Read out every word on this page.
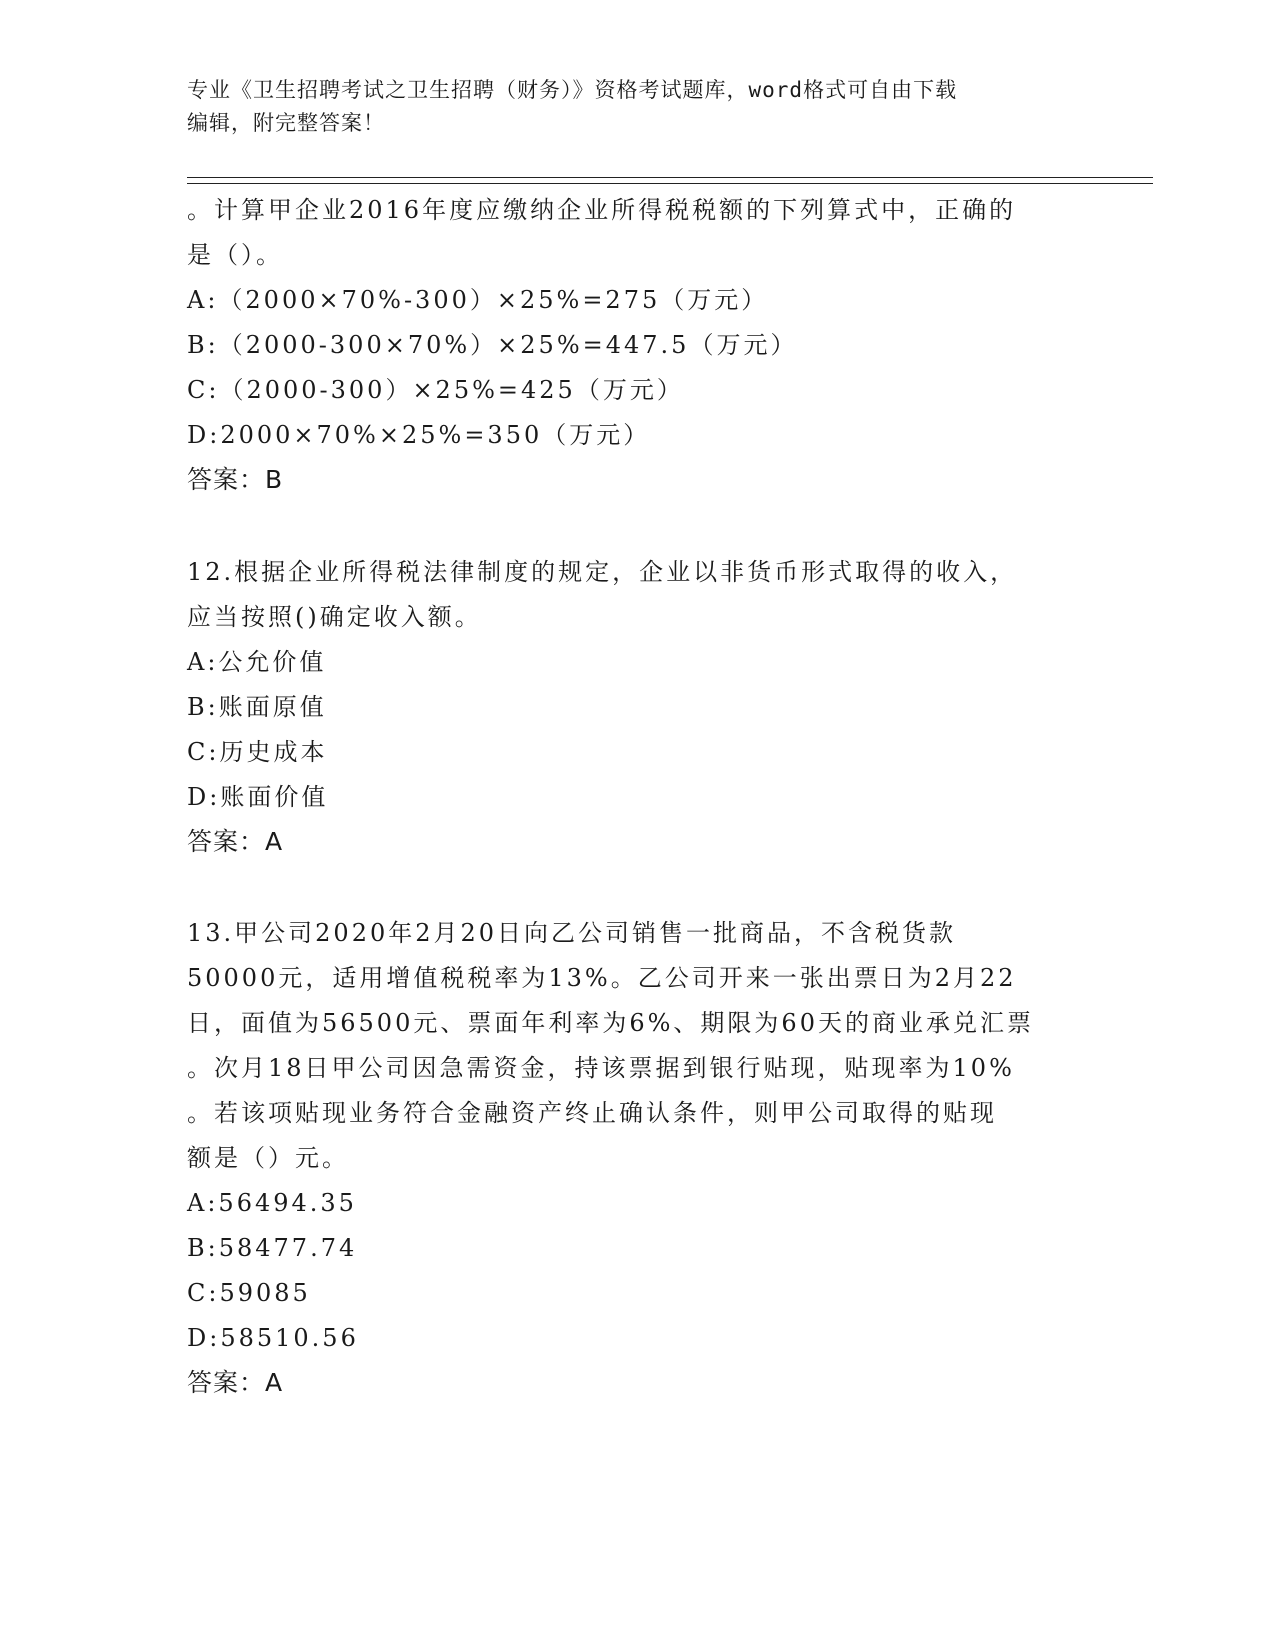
专业《卫生招聘考试之卫生招聘（财务）》资格考试题库，word格式可自由下载
编辑，附完整答案！
。计算甲企业2016年度应缴纳企业所得税税额的下列算式中，正确的
是（）。
A:（2000×70%-300）×25%=275（万元）
B:（2000-300×70%）×25%=447.5（万元）
C:（2000-300）×25%=425（万元）
D:2000×70%×25%=350（万元）
答案：B
12.根据企业所得税法律制度的规定，企业以非货币形式取得的收入，
应当按照()确定收入额。
A:公允价值
B:账面原值
C:历史成本
D:账面价值
答案：A
13.甲公司2020年2月20日向乙公司销售一批商品，不含税货款
50000元，适用增值税税率为13%。乙公司开来一张出票日为2月22
日，面值为56500元、票面年利率为6%、期限为60天的商业承兑汇票
。次月18日甲公司因急需资金，持该票据到银行贴现，贴现率为10%
。若该项贴现业务符合金融资产终止确认条件，则甲公司取得的贴现
额是（）元。
A:56494.35
B:58477.74
C:59085
D:58510.56
答案：A
